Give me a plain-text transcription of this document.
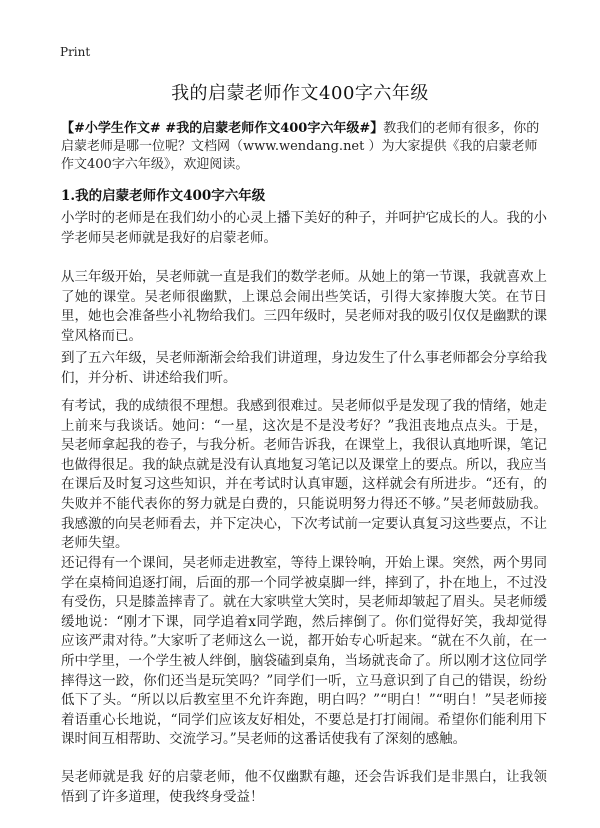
Print
我的启蒙老师作文400字六年级
【#小学生作文# #我的启蒙老师作文400字六年级#】教我们的老师有很多，你的启蒙老师是哪一位呢？文档网（www.wendang.net ）为大家提供《我的启蒙老师作文400字六年级》，欢迎阅读。
1.我的启蒙老师作文400字六年级
小学时的老师是在我们幼小的心灵上播下美好的种子，并呵护它成长的人。我的小学老师吴老师就是我好的启蒙老师。
从三年级开始，吴老师就一直是我们的数学老师。从她上的第一节课，我就喜欢上了她的课堂。吴老师很幽默，上课总会闹出些笑话，引得大家捧腹大笑。在节日里，她也会准备些小礼物给我们。三四年级时，吴老师对我的吸引仅仅是幽默的课堂风格而已。
到了五六年级，吴老师渐渐会给我们讲道理，身边发生了什么事老师都会分享给我们，并分析、讲述给我们听。
有考试，我的成绩很不理想。我感到很难过。吴老师似乎是发现了我的情绪，她走上前来与我谈话。她问：“一星，这次是不是没考好？”我沮丧地点点头。于是，吴老师拿起我的卷子，与我分析。老师告诉我，在课堂上，我很认真地听课，笔记也做得很足。我的缺点就是没有认真地复习笔记以及课堂上的要点。所以，我应当在课后及时复习这些知识，并在考试时认真审题，这样就会有所进步。“还有，的失败并不能代表你的努力就是白费的，只能说明努力得还不够。”吴老师鼓励我。我感激的向吴老师看去，并下定决心，下次考试前一定要认真复习这些要点，不让老师失望。
还记得有一个课间，吴老师走进教室，等待上课铃响，开始上课。突然，两个男同学在桌椅间追逐打闹，后面的那一个同学被桌脚一绊，摔到了，扑在地上，不过没有受伤，只是膝盖摔青了。就在大家哄堂大笑时，吴老师却皱起了眉头。吴老师缓缓地说：“刚才下课，同学追着x同学跑，然后摔倒了。你们觉得好笑，我却觉得应该严肃对待。”大家听了老师这么一说，都开始专心听起来。“就在不久前，在一所中学里，一个学生被人绊倒，脑袋磕到桌角，当场就丧命了。所以刚才这位同学摔得这一跤，你们还当是玩笑吗？”同学们一听，立马意识到了自己的错误，纷纷低下了头。“所以以后教室里不允许奔跑，明白吗？”“明白！”“明白！”吴老师接着语重心长地说，“同学们应该友好相处，不要总是打打闹闹。希望你们能利用下课时间互相帮助、交流学习。”吴老师的这番话使我有了深刻的感触。
吴老师就是我 好的启蒙老师，他不仅幽默有趣，还会告诉我们是非黑白，让我领悟到了许多道理，使我终身受益！
